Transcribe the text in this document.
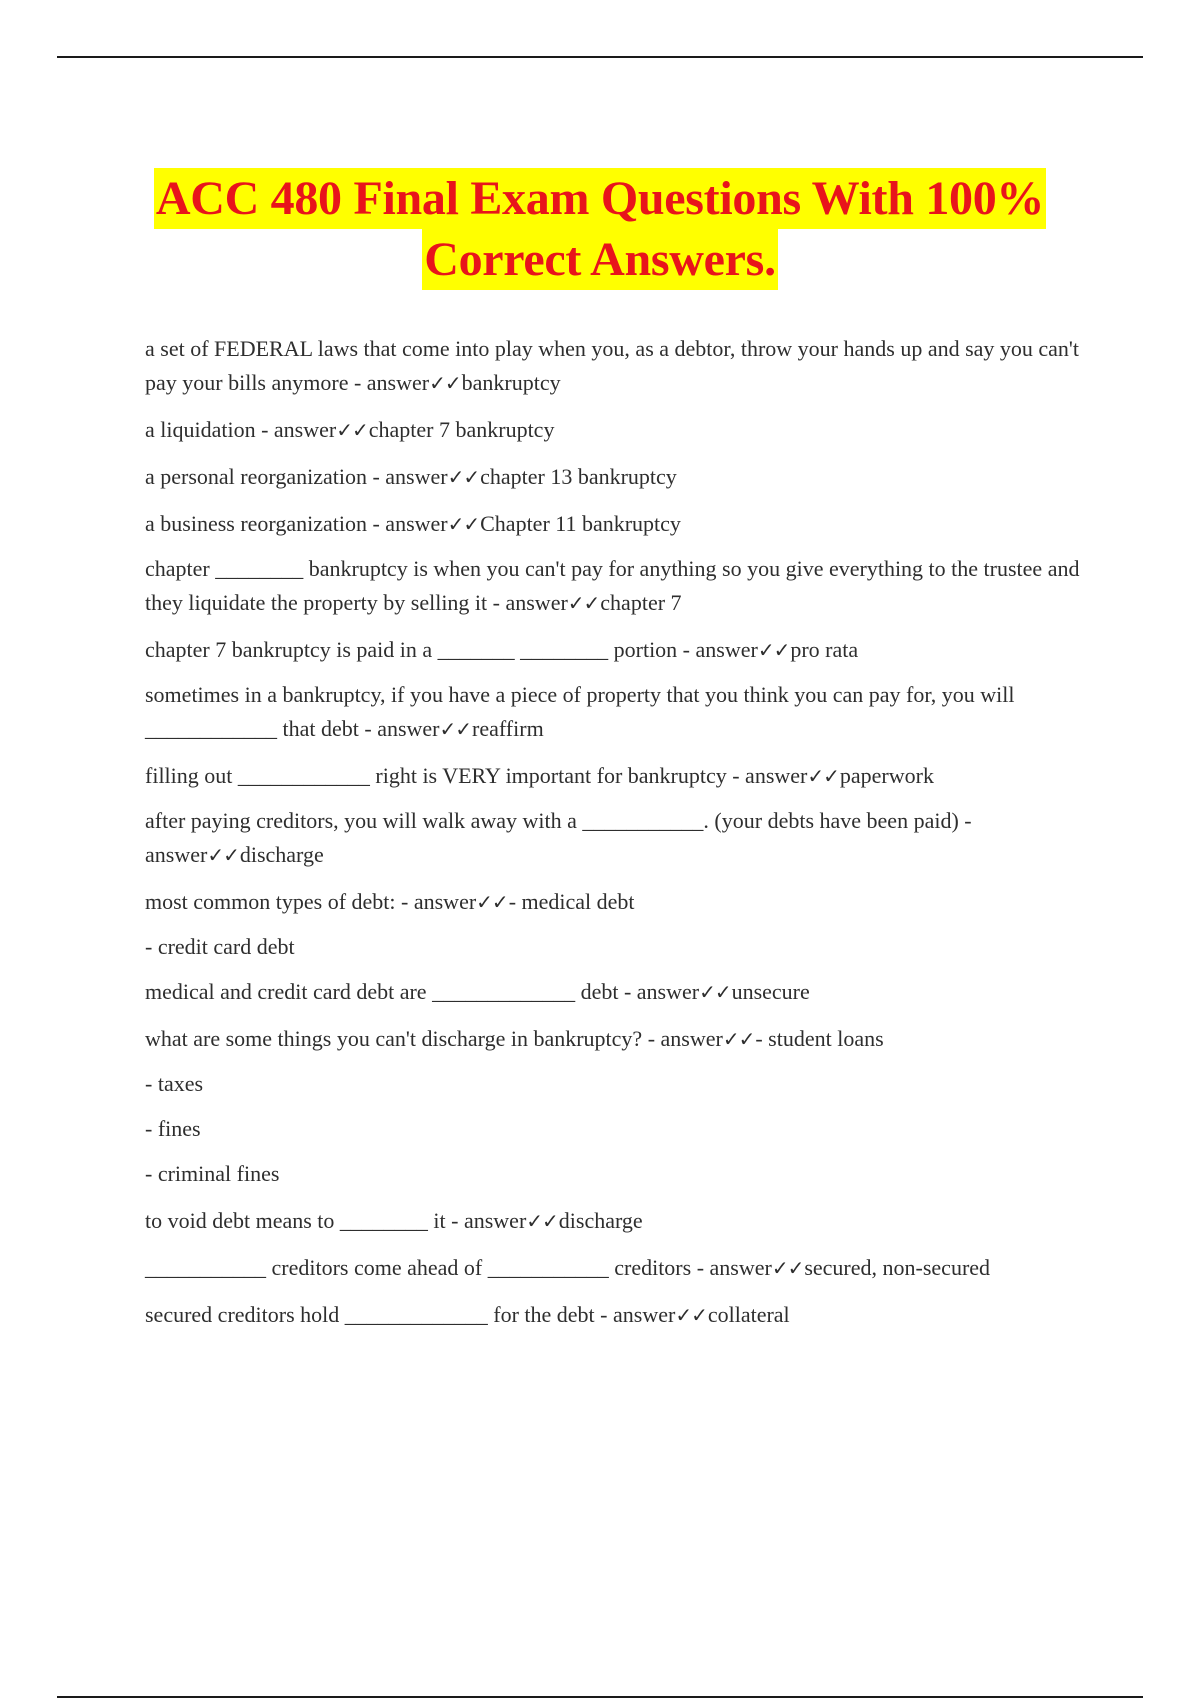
ACC 480 Final Exam Questions With 100%
Correct Answers.

a set of FEDERAL laws that come into play when you, as a debtor, throw your hands up and say you can't pay your bills anymore - answer✓✓bankruptcy

a liquidation - answer✓✓chapter 7 bankruptcy

a personal reorganization - answer✓✓chapter 13 bankruptcy

a business reorganization - answer✓✓Chapter 11 bankruptcy

chapter ________ bankruptcy is when you can't pay for anything so you give everything to the trustee and they liquidate the property by selling it - answer✓✓chapter 7

chapter 7 bankruptcy is paid in a _______ ________ portion - answer✓✓pro rata

sometimes in a bankruptcy, if you have a piece of property that you think you can pay for, you will ____________ that debt - answer✓✓reaffirm

filling out ____________ right is VERY important for bankruptcy - answer✓✓paperwork

after paying creditors, you will walk away with a ___________. (your debts have been paid) - answer✓✓discharge

most common types of debt: - answer✓✓- medical debt

- credit card debt

medical and credit card debt are _____________ debt - answer✓✓unsecure

what are some things you can't discharge in bankruptcy? - answer✓✓- student loans

- taxes

- fines

- criminal fines

to void debt means to ________ it - answer✓✓discharge

___________ creditors come ahead of ___________ creditors - answer✓✓secured, non-secured

secured creditors hold _____________ for the debt - answer✓✓collateral
